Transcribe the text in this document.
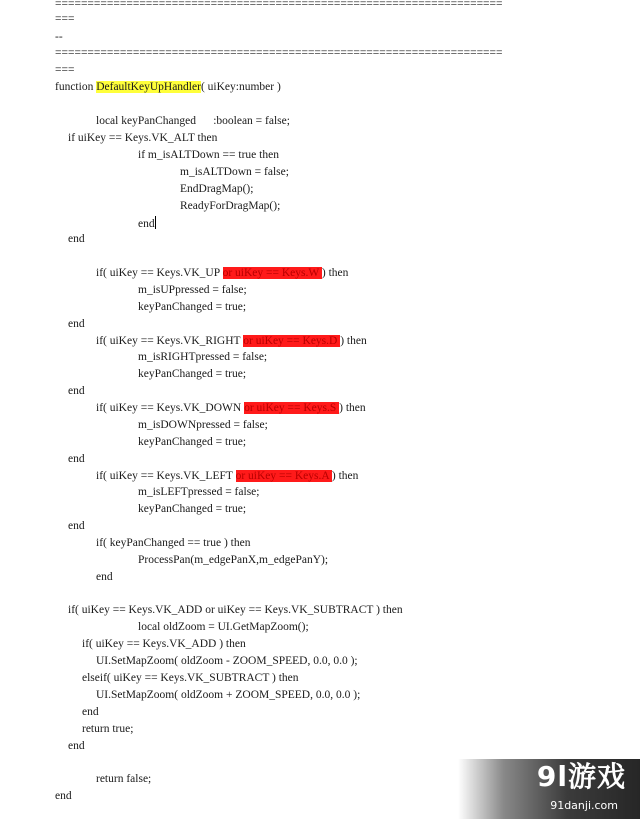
=====================================================================
===
--
=====================================================================
===
function DefaultKeyUpHandler( uiKey:number )
local keyPanChanged      :boolean = false;
if uiKey == Keys.VK_ALT then
if m_isALTDown == true then
m_isALTDown = false;
EndDragMap();
ReadyForDragMap();
end
end
if( uiKey == Keys.VK_UP or uiKey == Keys.W ) then
m_isUPpressed = false;
keyPanChanged = true;
end
if( uiKey == Keys.VK_RIGHT or uiKey == Keys.D ) then
m_isRIGHTpressed = false;
keyPanChanged = true;
end
if( uiKey == Keys.VK_DOWN or uiKey == Keys.S ) then
m_isDOWNpressed = false;
keyPanChanged = true;
end
if( uiKey == Keys.VK_LEFT or uiKey == Keys.A ) then
m_isLEFTpressed = false;
keyPanChanged = true;
end
if( keyPanChanged == true ) then
ProcessPan(m_edgePanX,m_edgePanY);
end
if( uiKey == Keys.VK_ADD or uiKey == Keys.VK_SUBTRACT ) then
local oldZoom = UI.GetMapZoom();
if( uiKey == Keys.VK_ADD ) then
UI.SetMapZoom( oldZoom - ZOOM_SPEED, 0.0, 0.0 );
elseif( uiKey == Keys.VK_SUBTRACT ) then
UI.SetMapZoom( oldZoom + ZOOM_SPEED, 0.0, 0.0 );
end
return true;
end
return false;
end
9l游戏
91danji.com
